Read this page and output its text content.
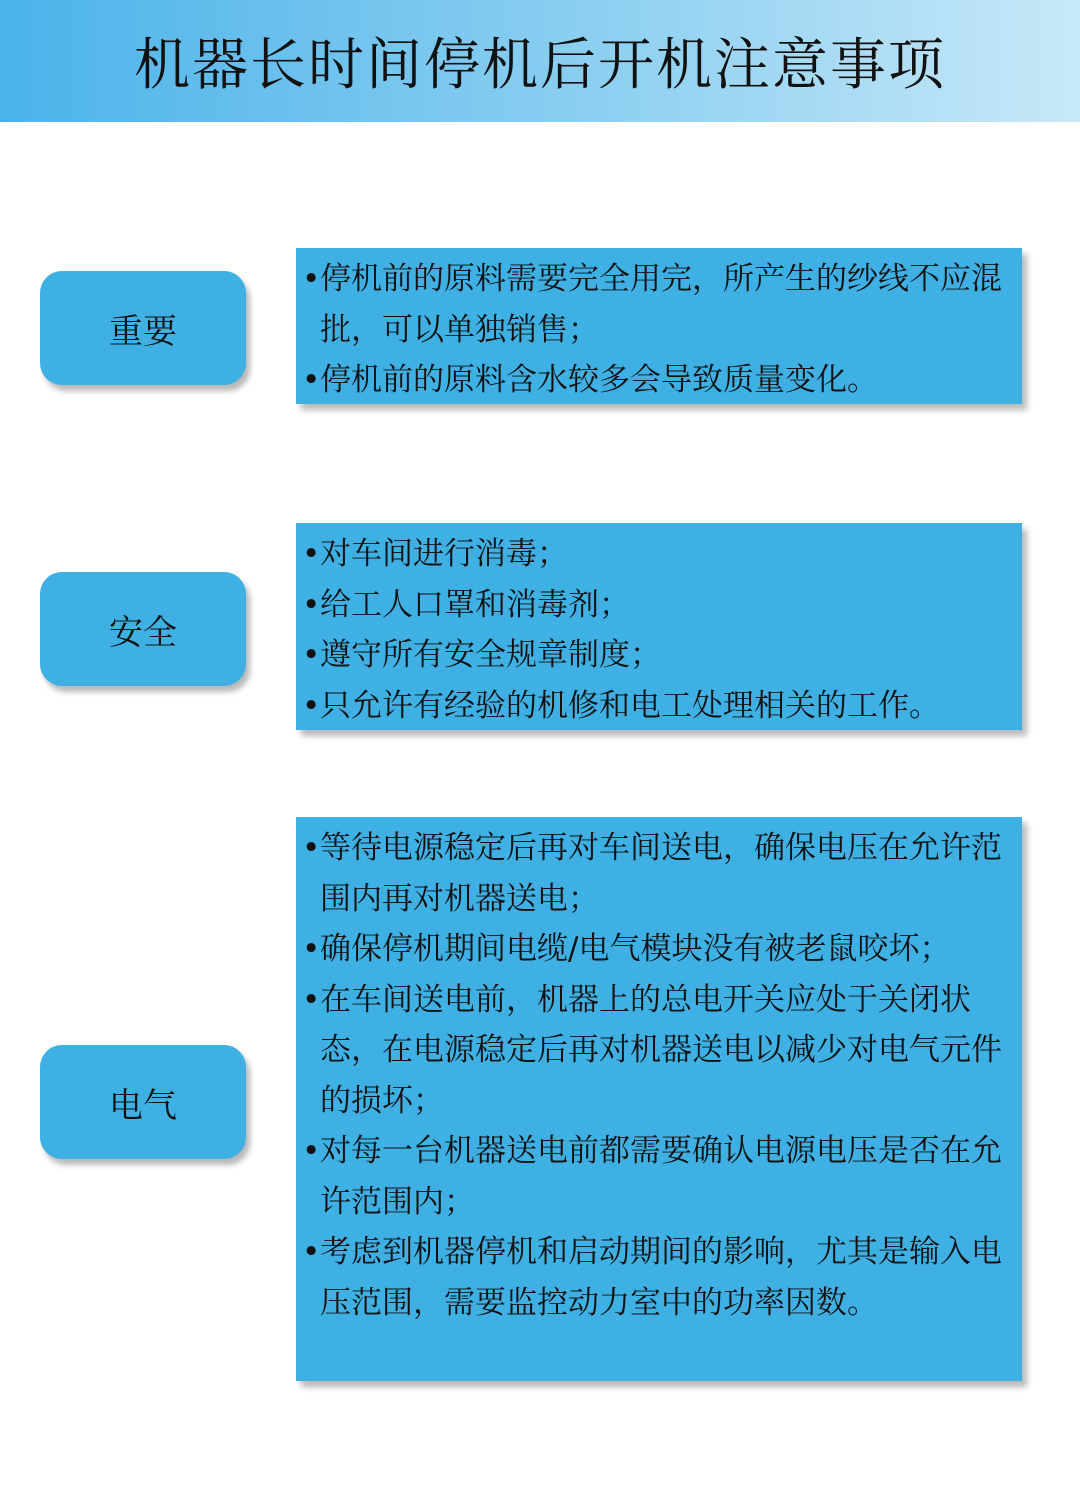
机器长时间停机后开机注意事项
重要
• 停机前的原料需要完全用完，所产生的纱线不应混批，可以单独销售；
• 停机前的原料含水较多会导致质量变化。
安全
• 对车间进行消毒；
• 给工人口罩和消毒剂；
• 遵守所有安全规章制度；
• 只允许有经验的机修和电工处理相关的工作。
电气
• 等待电源稳定后再对车间送电，确保电压在允许范围内再对机器送电；
• 确保停机期间电缆/电气模块没有被老鼠咬坏；
• 在车间送电前，机器上的总电开关应处于关闭状态，在电源稳定后再对机器送电以减少对电气元件的损坏；
• 对每一台机器送电前都需要确认电源电压是否在允许范围内；
• 考虑到机器停机和启动期间的影响，尤其是输入电压范围，需要监控动力室中的功率因数。
